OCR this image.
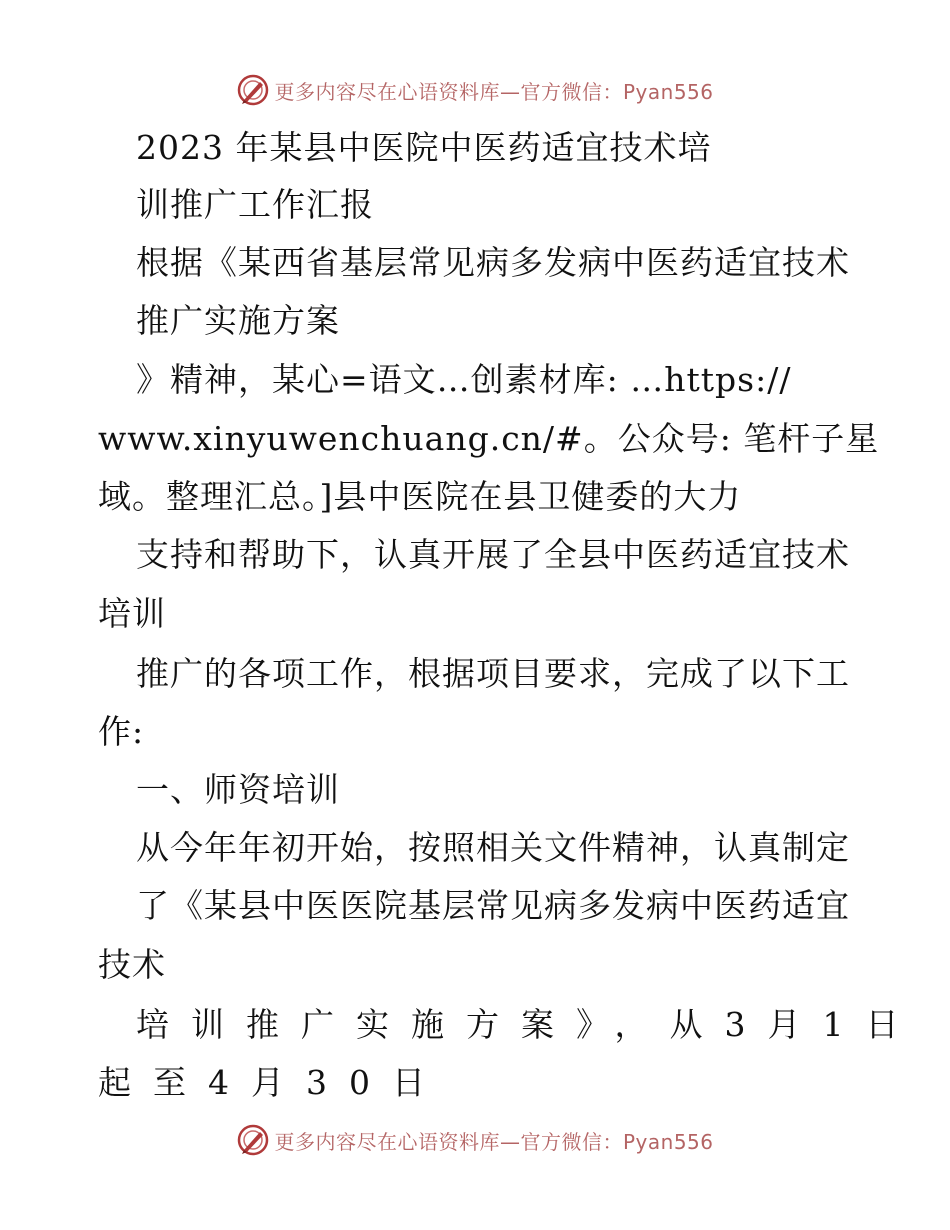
更多内容尽在心语资料库—官方微信：Pyan556
2023 年某县中医院中医药适宜技术培
训推广工作汇报
根据《某西省基层常见病多发病中医药适宜技术
推广实施方案
》精神，某心=语文…创素材库: …https://
www.xinyuwenchuang.cn/#。公众号: 笔杆子星
域。整理汇总。]县中医院在县卫健委的大力
支持和帮助下，认真开展了全县中医药适宜技术
培训
推广的各项工作，根据项目要求，完成了以下工
作:
一、师资培训
从今年年初开始，按照相关文件精神，认真制定
了《某县中医医院基层常见病多发病中医药适宜
技术
培训推广实施方案》，从3月1日
起至4月30日
更多内容尽在心语资料库—官方微信：Pyan556
